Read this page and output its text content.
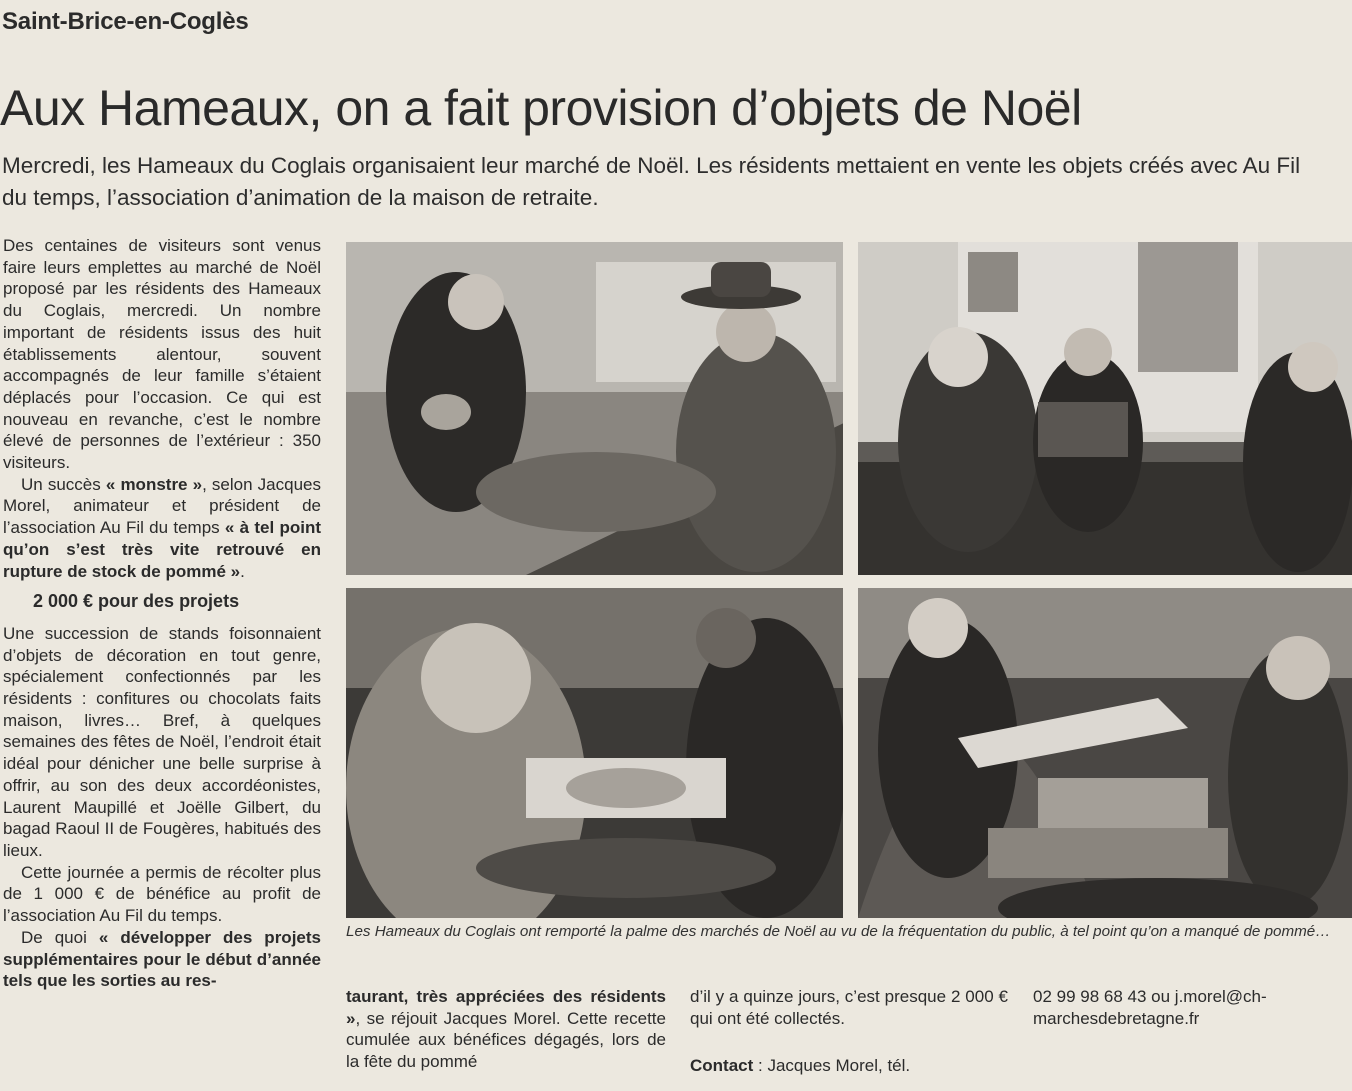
Saint-Brice-en-Coglès
Aux Hameaux, on a fait provision d’objets de Noël
Mercredi, les Hameaux du Coglais organisaient leur marché de Noël. Les résidents mettaient en vente les objets créés avec Au Fil du temps, l’association d’animation de la maison de retraite.

Des centaines de visiteurs sont venus faire leurs emplettes au marché de Noël proposé par les résidents des Hameaux du Coglais, mercredi. Un nombre important de résidents issus des huit établissements alentour, souvent accompagnés de leur famille s’étaient déplacés pour l’occasion. Ce qui est nouveau en revanche, c’est le nombre élevé de personnes de l’extérieur : 350 visiteurs.

Un succès « monstre », selon Jacques Morel, animateur et président de l’association Au Fil du temps « à tel point qu’on s’est très vite retrouvé en rupture de stock de pommé ».

2 000 € pour des projets

Une succession de stands foisonnaient d’objets de décoration en tout genre, spécialement confectionnés par les résidents : confitures ou chocolats faits maison, livres… Bref, à quelques semaines des fêtes de Noël, l’endroit était idéal pour dénicher une belle surprise à offrir, au son des deux accordéonistes, Laurent Maupillé et Joëlle Gilbert, du bagad Raoul II de Fougères, habitués des lieux.

Cette journée a permis de récolter plus de 1 000 € de bénéfice au profit de l’association Au Fil du temps.

De quoi « développer des projets supplémentaires pour le début d’année tels que les sorties au res-

Les Hameaux du Coglais ont remporté la palme des marchés de Noël au vu de la fréquentation du public, à tel point qu’on a manqué de pommé…

taurant, très appréciées des résidents », se réjouit Jacques Morel. Cette recette cumulée aux bénéfices dégagés, lors de la fête du pommé

d’il y a quinze jours, c’est presque 2 000 € qui ont été collectés.

Contact : Jacques Morel, tél.

02 99 98 68 43 ou j.morel@ch-marchesdebretagne.fr
